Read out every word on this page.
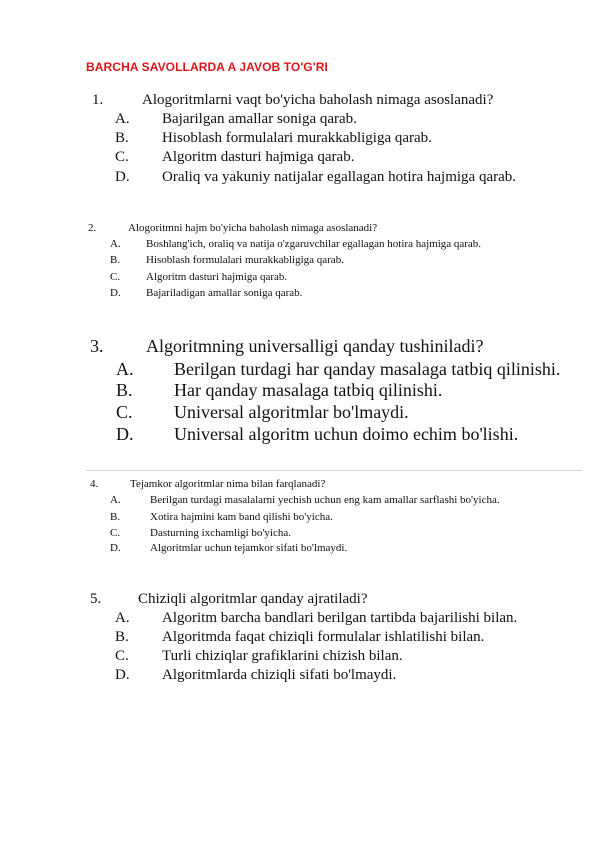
BARCHA SAVOLLARDA A JAVOB TO'G'RI
1.	Alogoritmlarni vaqt bo'yicha baholash nimaga asoslanadi?
A. Bajarilgan amallar soniga qarab.
B. Hisoblash formulalari murakkabligiga qarab.
C. Algoritm dasturi hajmiga qarab.
D. Oraliq va yakuniy natijalar egallagan hotira hajmiga qarab.
2.	Alogoritmni hajm bo'yicha baholash nimaga asoslanadi?
A. Boshlang'ich, oraliq va natija o'zgaruvchilar egallagan hotira hajmiga qarab.
B. Hisoblash formulalari murakkabligiga qarab.
C. Algoritm dasturi hajmiga qarab.
D. Bajariladigan amallar soniga qarab.
3. Algoritmning universalligi qanday tushiniladi?
A. Berilgan turdagi har qanday masalaga tatbiq qilinishi.
B. Har qanday masalaga tatbiq qilinishi.
C. Universal algoritmlar bo'lmaydi.
D. Universal algoritm uchun doimo echim bo'lishi.
4.	Tejamkor algoritmlar nima bilan farqlanadi?
A.	Berilgan turdagi masalalarni yechish uchun eng kam amallar sarflashi bo'yicha.
B.	Xotira hajmini kam band qilishi bo'yicha.
C.	Dasturning ixchamligi bo'yicha.
D.	Algoritmlar uchun tejamkor sifati bo'lmaydi.
5. Chiziqli algoritmlar qanday ajratiladi?
A. Algoritm barcha bandlari berilgan tartibda bajarilishi bilan.
B. Algoritmda faqat chiziqli formulalar ishlatilishi bilan.
C. Turli chiziqlar grafiklarini chizish bilan.
D. Algoritmlarda chiziqli sifati bo'lmaydi.
